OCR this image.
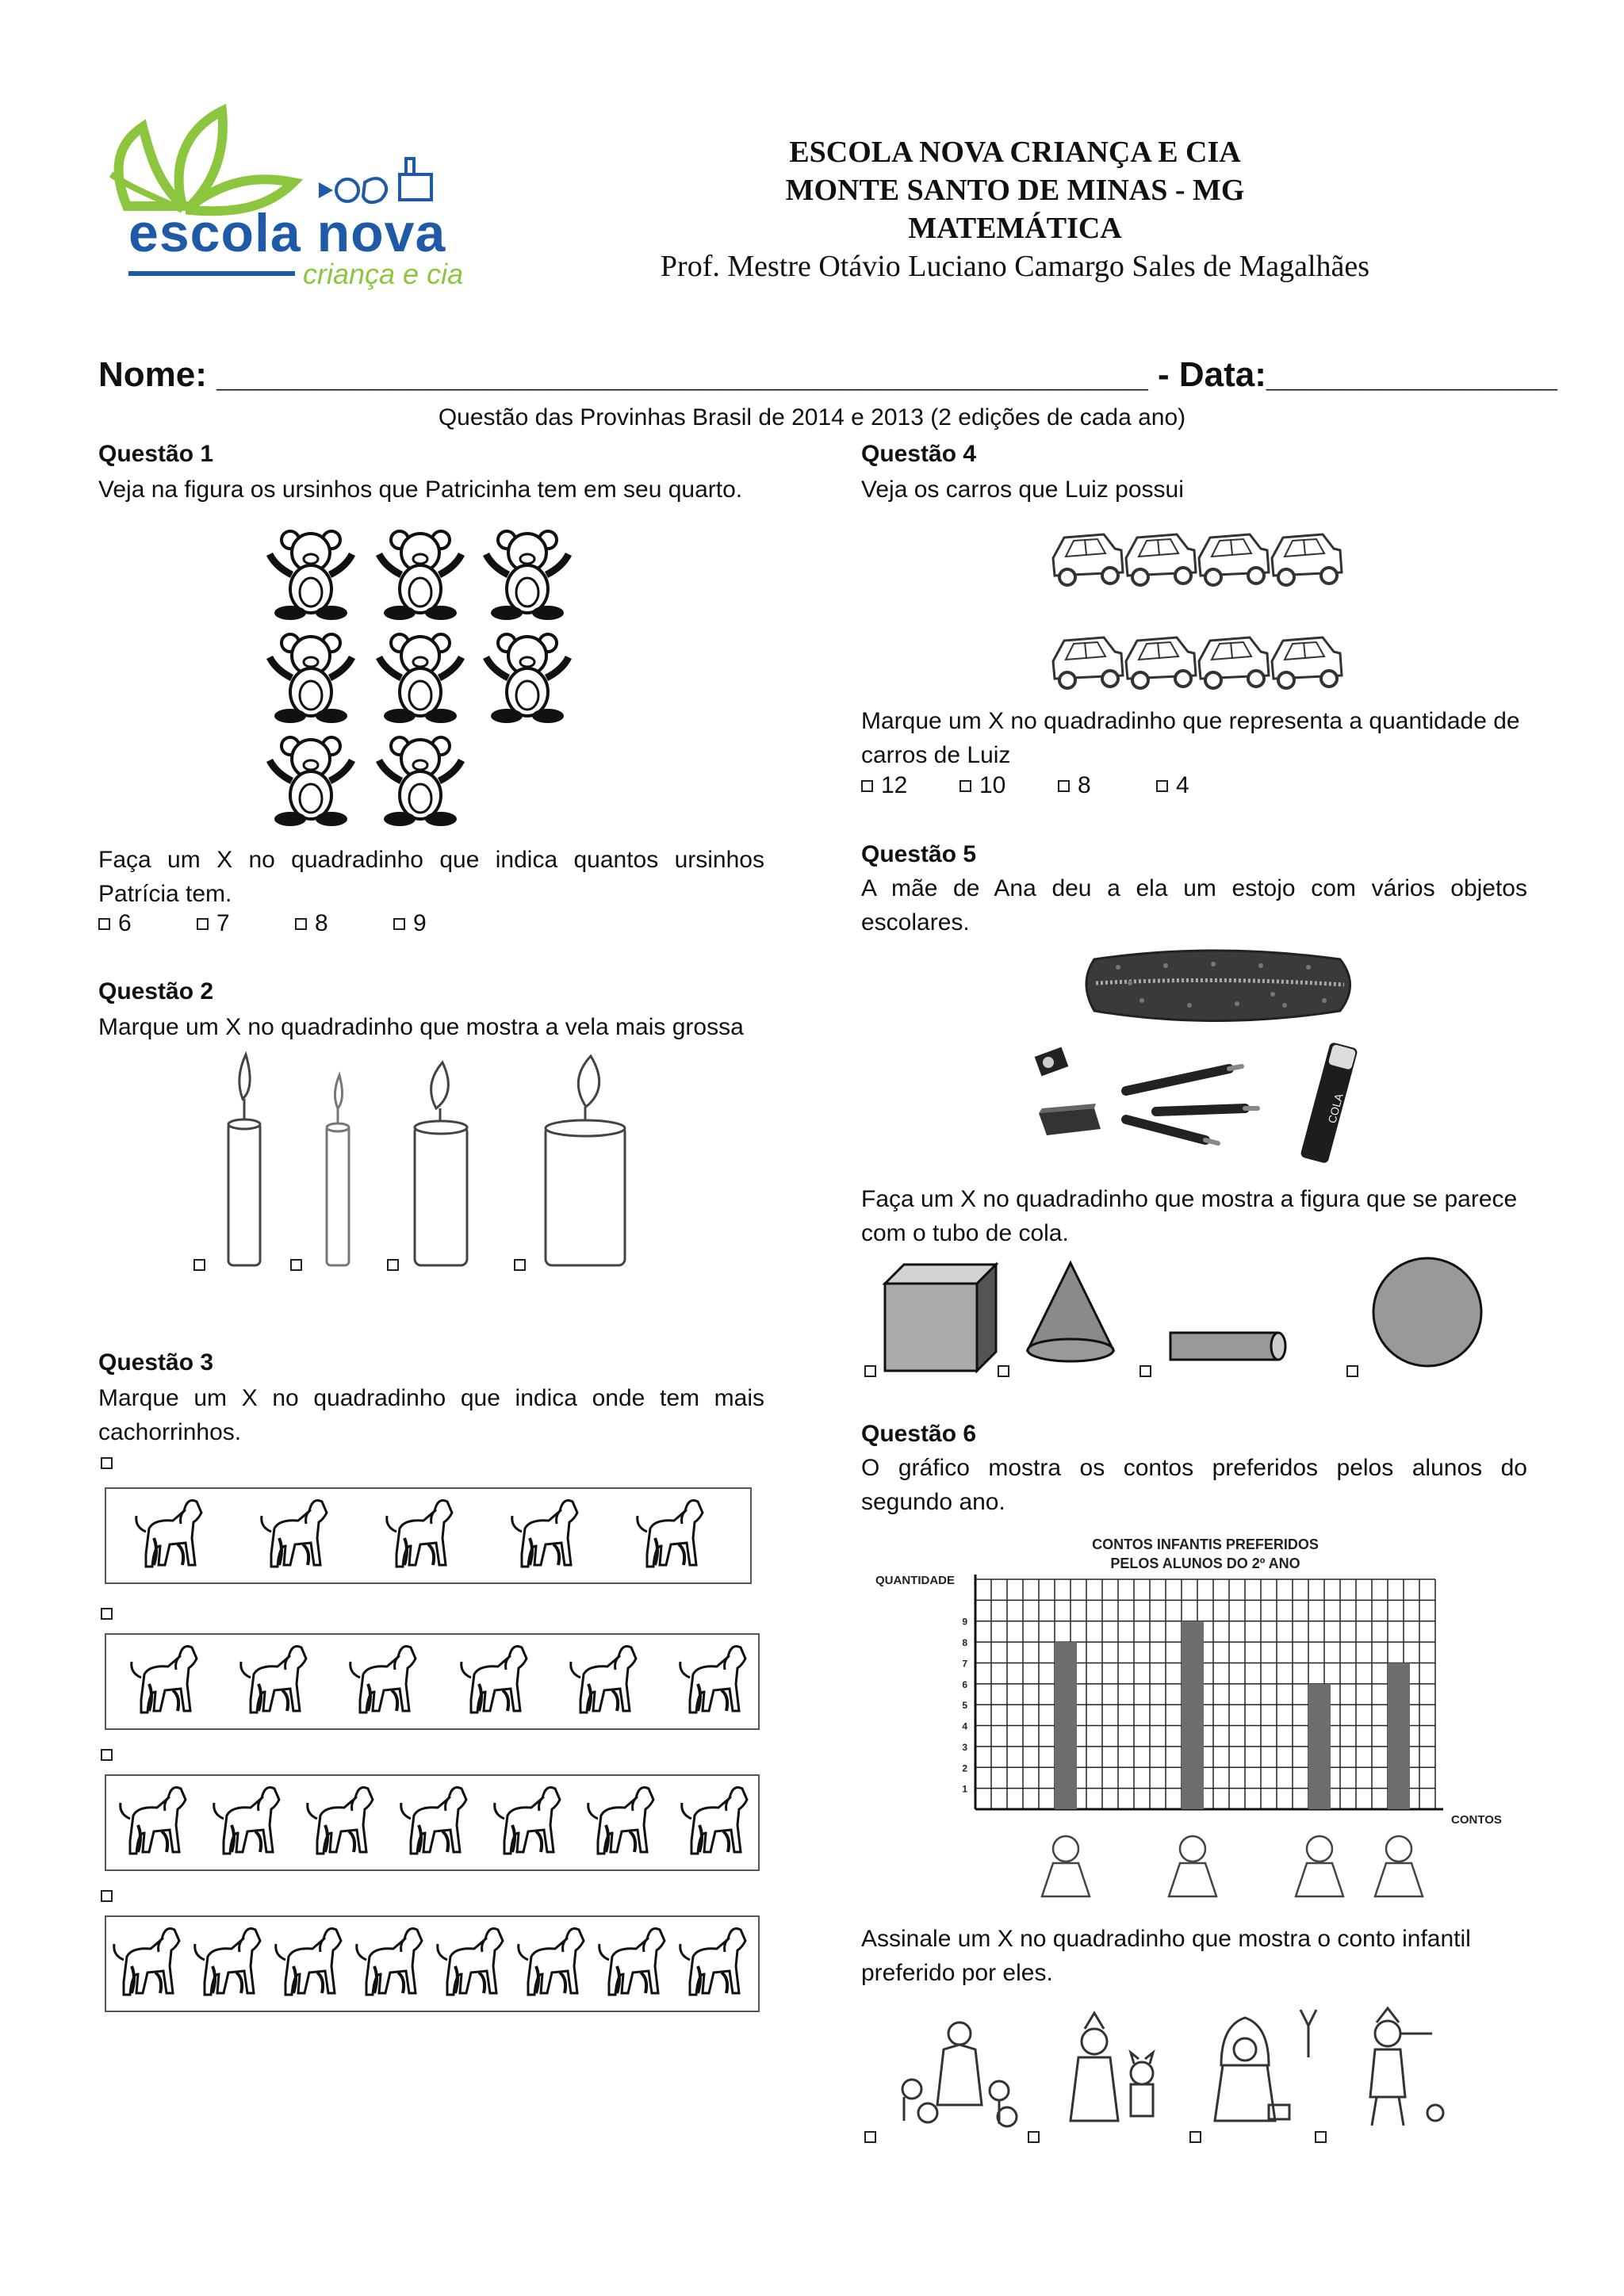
escola nova
criança e cia
ESCOLA NOVA CRIANÇA E CIA
MONTE SANTO DE MINAS - MG
MATEMÁTICA
Prof. Mestre Otávio Luciano Camargo Sales de Magalhães
Nome: ________________________________________________ - Data:_______________
Questão das Provinhas Brasil de 2014 e 2013 (2 edições de cada ano)
Questão 1
Veja na figura os ursinhos que Patricinha tem em seu quarto.
Faça um X no quadradinho que indica quantos ursinhos Patrícia tem.
6	7	8	9
Questão 2
Marque um X no quadradinho que mostra a vela mais grossa
Questão 3
Marque um X no quadradinho que indica onde tem mais cachorrinhos.
Questão 4
Veja os carros que Luiz possui
Marque um X no quadradinho que representa a quantidade de carros de Luiz
12	10	8	4
Questão 5
A mãe de Ana deu a ela um estojo com vários objetos escolares.
COLA
Faça um X no quadradinho que mostra a figura que se parece com o tubo de cola.
Questão 6
O gráfico mostra os contos preferidos pelos alunos do segundo ano.
CONTOS INFANTIS PREFERIDOS
PELOS ALUNOS DO 2º ANO
QUANTIDADE
CONTOS
1
2
3
4
5
6
7
8
9
Assinale um X no quadradinho que mostra o conto infantil preferido por eles.
